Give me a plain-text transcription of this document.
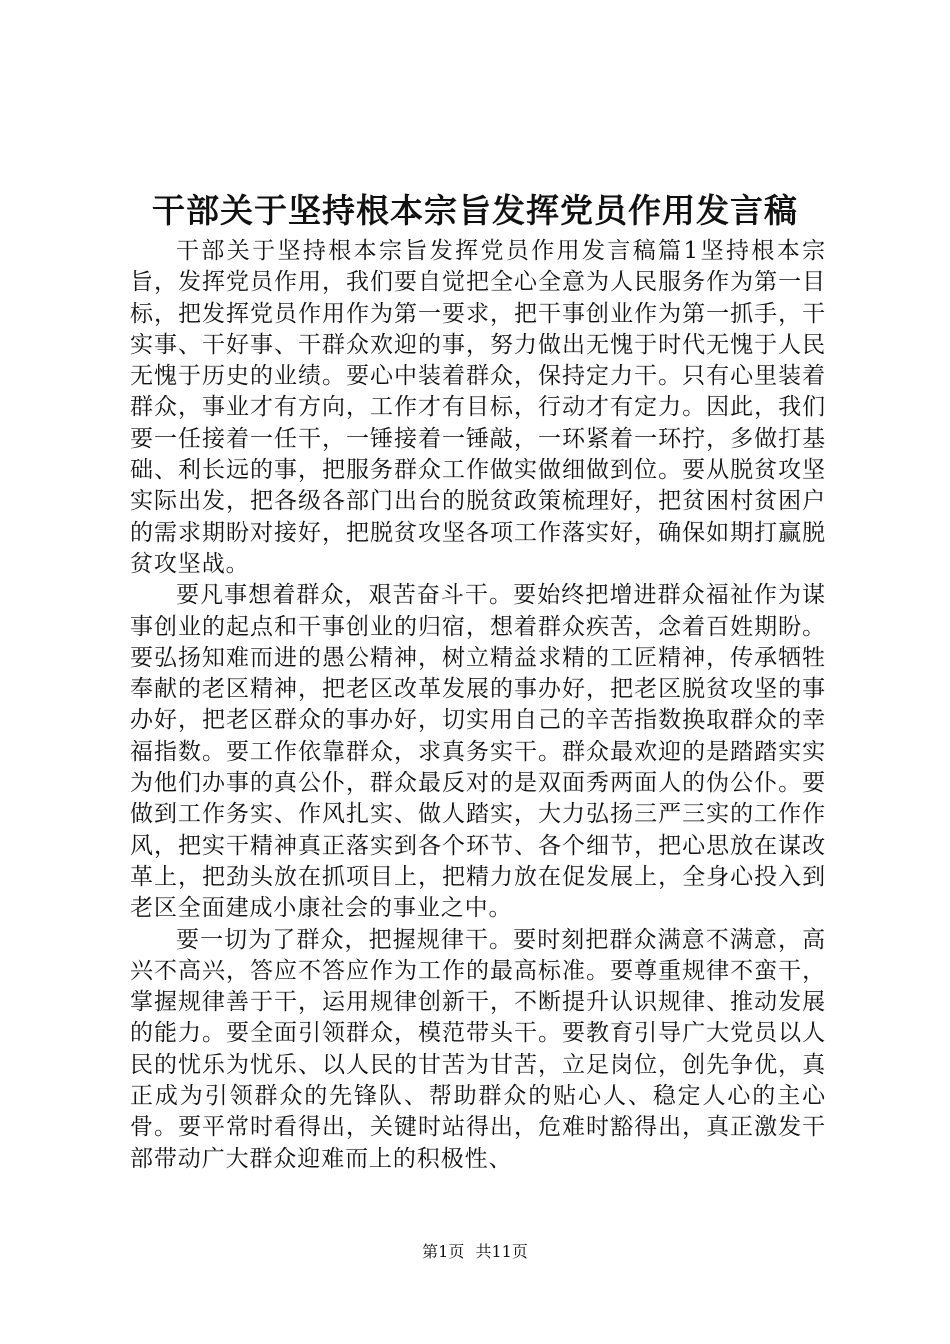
干部关于坚持根本宗旨发挥党员作用发言稿

干部关于坚持根本宗旨发挥党员作用发言稿篇1坚持根本宗旨，发挥党员作用，我们要自觉把全心全意为人民服务作为第一目标，把发挥党员作用作为第一要求，把干事创业作为第一抓手，干实事、干好事、干群众欢迎的事，努力做出无愧于时代无愧于人民无愧于历史的业绩。要心中装着群众，保持定力干。只有心里装着群众，事业才有方向，工作才有目标，行动才有定力。因此，我们要一任接着一任干，一锤接着一锤敲，一环紧着一环拧，多做打基础、利长远的事，把服务群众工作做实做细做到位。要从脱贫攻坚实际出发，把各级各部门出台的脱贫政策梳理好，把贫困村贫困户的需求期盼对接好，把脱贫攻坚各项工作落实好，确保如期打赢脱贫攻坚战。

要凡事想着群众，艰苦奋斗干。要始终把增进群众福祉作为谋事创业的起点和干事创业的归宿，想着群众疾苦，念着百姓期盼。要弘扬知难而进的愚公精神，树立精益求精的工匠精神，传承牺牲奉献的老区精神，把老区改革发展的事办好，把老区脱贫攻坚的事办好，把老区群众的事办好，切实用自己的辛苦指数换取群众的幸福指数。要工作依靠群众，求真务实干。群众最欢迎的是踏踏实实为他们办事的真公仆，群众最反对的是双面秀两面人的伪公仆。要做到工作务实、作风扎实、做人踏实，大力弘扬三严三实的工作作风，把实干精神真正落实到各个环节、各个细节，把心思放在谋改革上，把劲头放在抓项目上，把精力放在促发展上，全身心投入到老区全面建成小康社会的事业之中。

要一切为了群众，把握规律干。要时刻把群众满意不满意，高兴不高兴，答应不答应作为工作的最高标准。要尊重规律不蛮干，掌握规律善于干，运用规律创新干，不断提升认识规律、推动发展的能力。要全面引领群众，模范带头干。要教育引导广大党员以人民的忧乐为忧乐、以人民的甘苦为甘苦，立足岗位，创先争优，真正成为引领群众的先锋队、帮助群众的贴心人、稳定人心的主心骨。要平常时看得出，关键时站得出，危难时豁得出，真正激发干部带动广大群众迎难而上的积极性、

第1页 共11页
